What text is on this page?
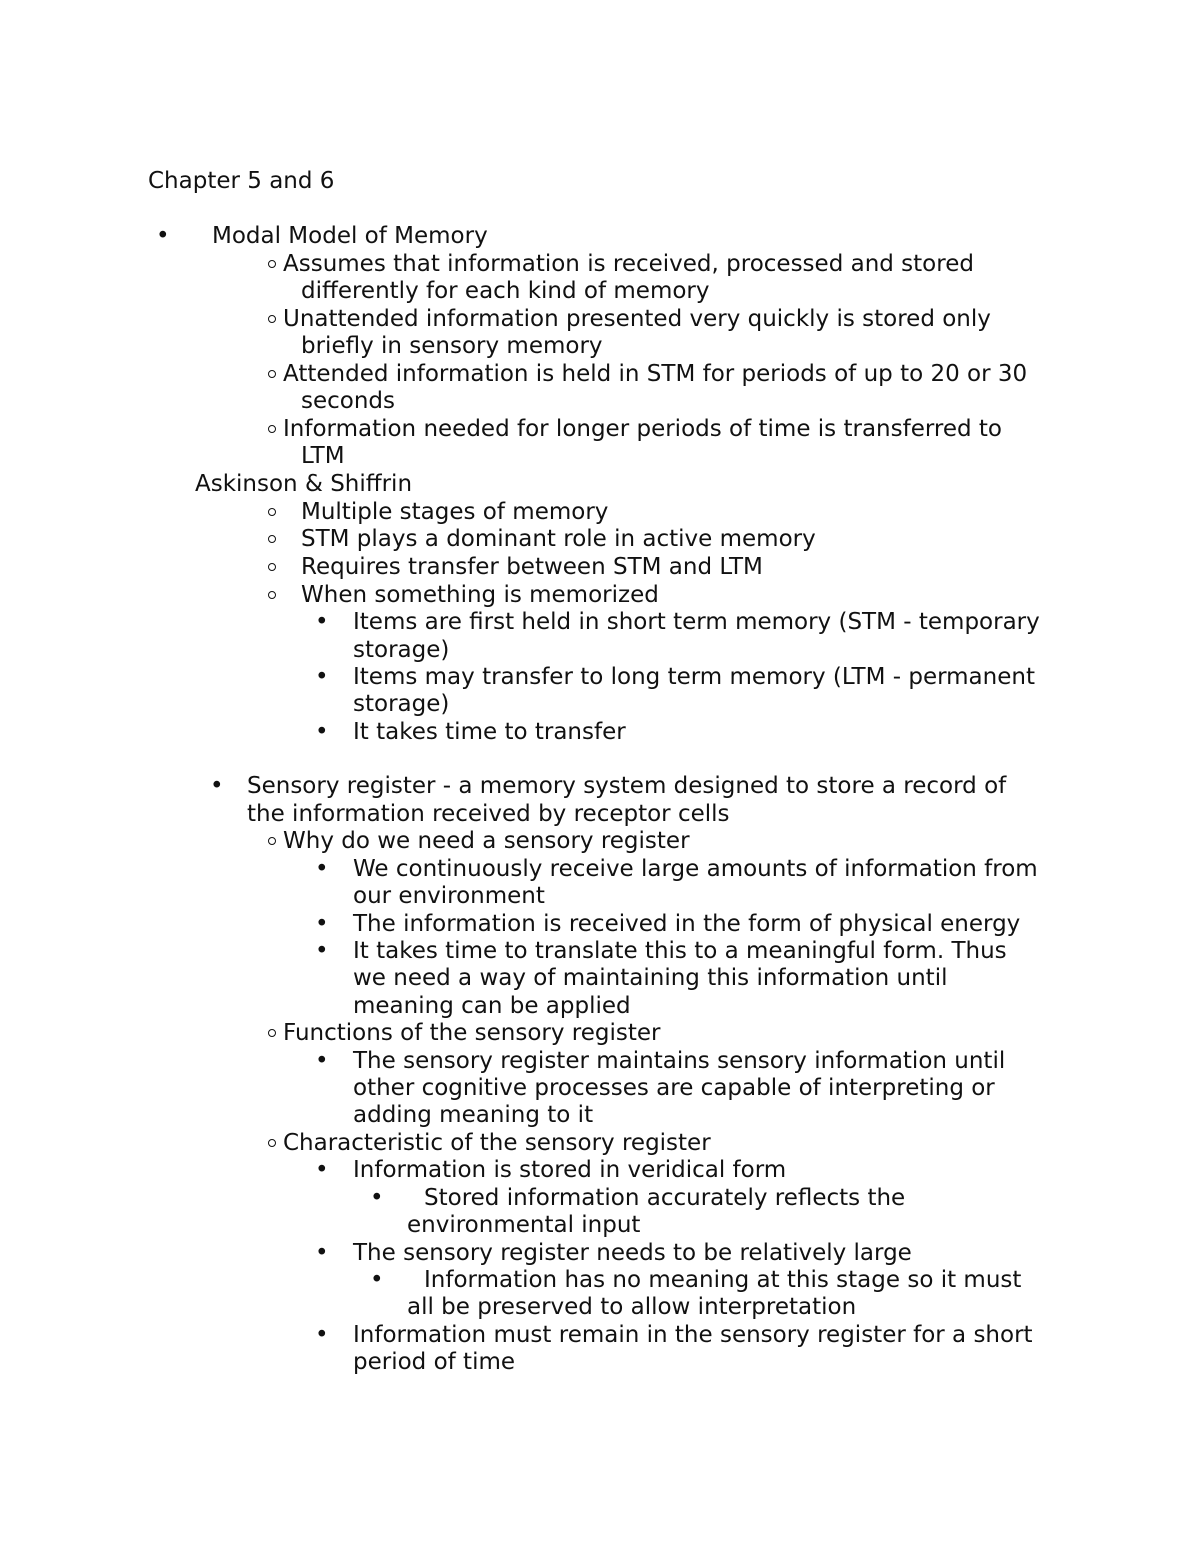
Chapter 5 and 6

•

Modal Model of Memory

Assumes that information is received, processed and stored

differently for each kind of memory

Unattended information presented very quickly is stored only

briefly in sensory memory

Attended information is held in STM for periods of up to 20 or 30

seconds

Information needed for longer periods of time is transferred to

LTM

Askinson & Shiffrin

Multiple stages of memory

STM plays a dominant role in active memory

Requires transfer between STM and LTM

When something is memorized

•

Items are first held in short term memory (STM - temporary

storage)

•

Items may transfer to long term memory (LTM - permanent

storage)

•

It takes time to transfer

•

Sensory register - a memory system designed to store a record of

the information received by receptor cells

Why do we need a sensory register

•

We continuously receive large amounts of information from

our environment

•

The information is received in the form of physical energy

•

It takes time to translate this to a meaningful form. Thus

we need a way of maintaining this information until

meaning can be applied

Functions of the sensory register

•

The sensory register maintains sensory information until

other cognitive processes are capable of interpreting or

adding meaning to it

Characteristic of the sensory register

•

Information is stored in veridical form

•

Stored information accurately reflects the

environmental input

•

The sensory register needs to be relatively large

•

Information has no meaning at this stage so it must

all be preserved to allow interpretation

•

Information must remain in the sensory register for a short

period of time
